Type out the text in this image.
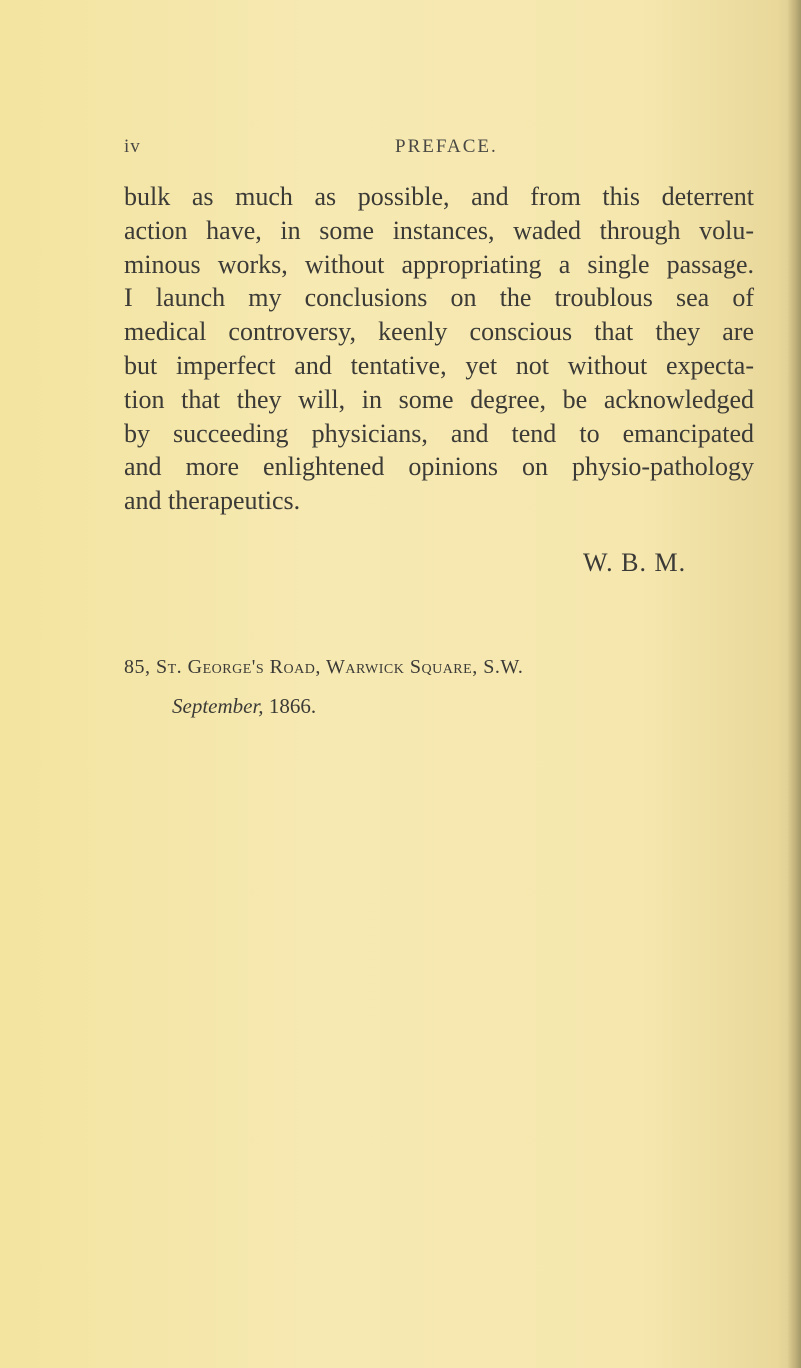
iv	PREFACE.
bulk as much as possible, and from this deterrent
action have, in some instances, waded through volu-
minous works, without appropriating a single passage.
I launch my conclusions on the troublous sea of
medical controversy, keenly conscious that they are
but imperfect and tentative, yet not without expecta-
tion that they will, in some degree, be acknowledged
by succeeding physicians, and tend to emancipated
and more enlightened opinions on physio-pathology
and therapeutics.
W. B. M.
85, St. George's Road, Warwick Square, S.W.
September, 1866.
